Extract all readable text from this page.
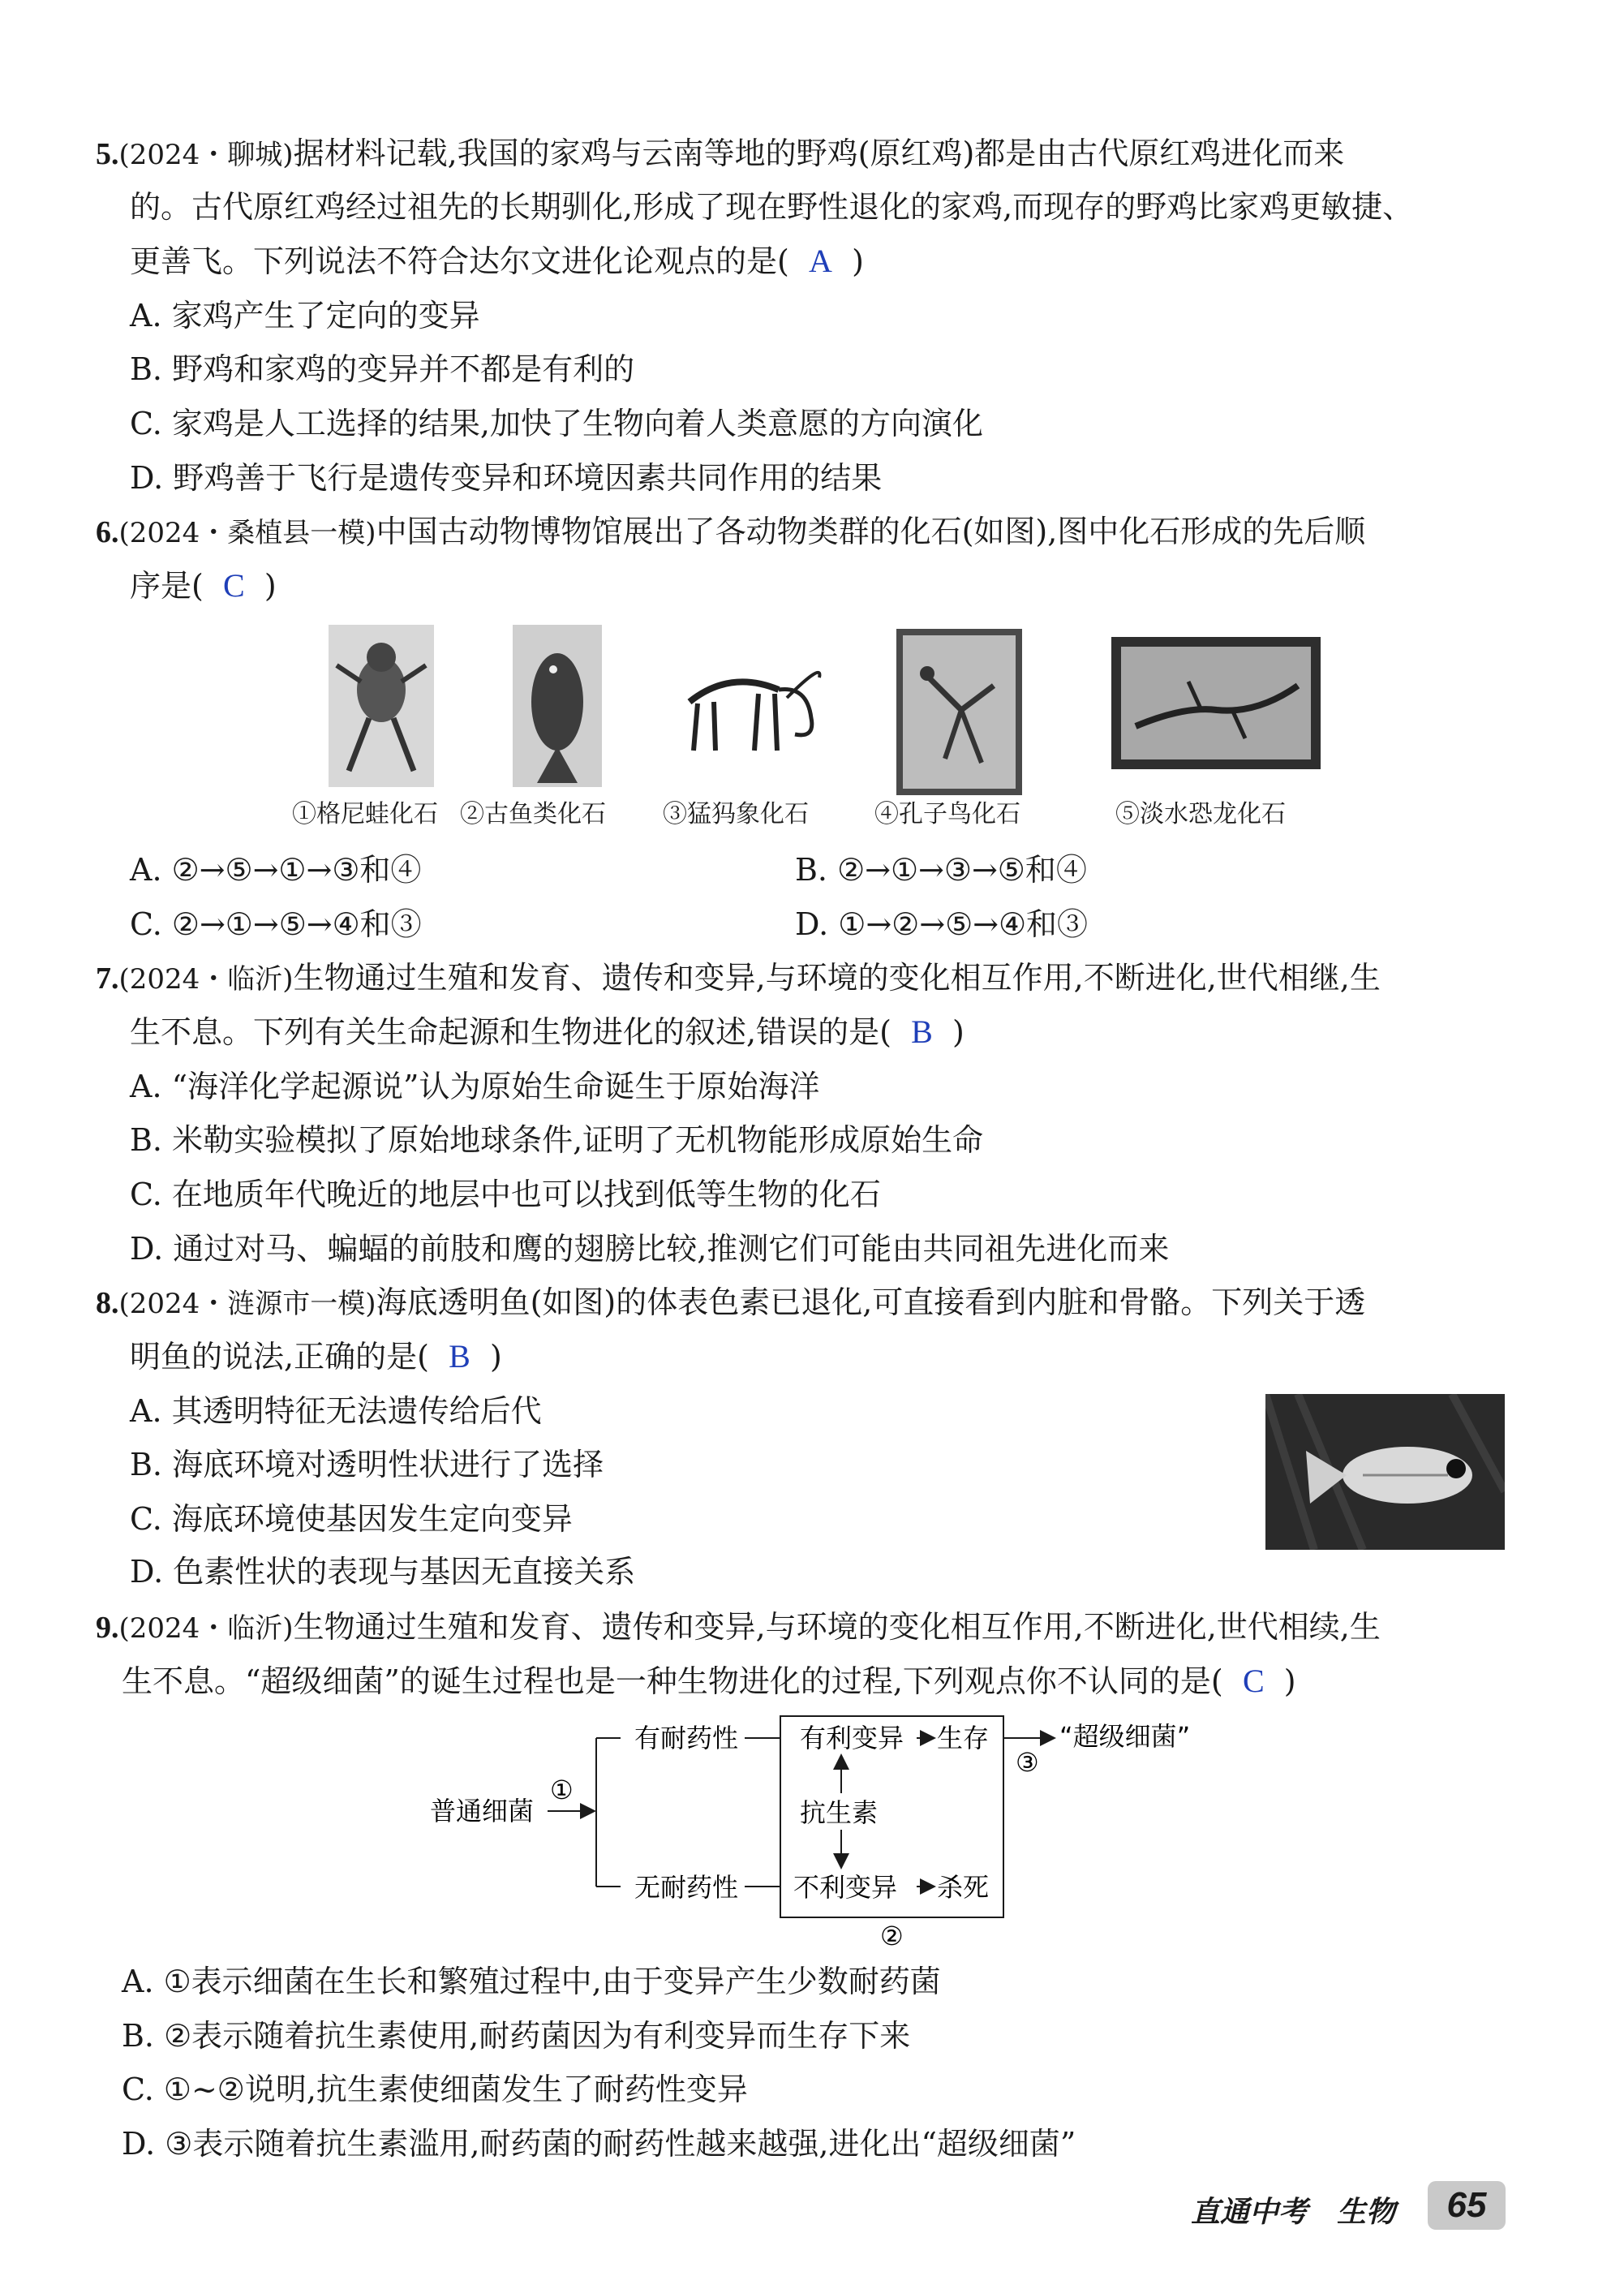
5.(2024・聊城)据材料记载,我国的家鸡与云南等地的野鸡(原红鸡)都是由古代原红鸡进化而来
的。古代原红鸡经过祖先的长期驯化,形成了现在野性退化的家鸡,而现存的野鸡比家鸡更敏捷、
更善飞。下列说法不符合达尔文进化论观点的是( A )
A. 家鸡产生了定向的变异
B. 野鸡和家鸡的变异并不都是有利的
C. 家鸡是人工选择的结果,加快了生物向着人类意愿的方向演化
D. 野鸡善于飞行是遗传变异和环境因素共同作用的结果
6.(2024・桑植县一模)中国古动物博物馆展出了各动物类群的化石(如图),图中化石形成的先后顺
序是( C )
①格尼蛙化石 ②古鱼类化石 ③猛犸象化石	④孔子鸟化石	⑤淡水恐龙化石
A. ②→⑤→①→③和④	B. ②→①→③→⑤和④
C. ②→①→⑤→④和③	D. ①→②→⑤→④和③
7.(2024・临沂)生物通过生殖和发育、遗传和变异,与环境的变化相互作用,不断进化,世代相继,生
生不息。下列有关生命起源和生物进化的叙述,错误的是( B )
A. “海洋化学起源说”认为原始生命诞生于原始海洋
B. 米勒实验模拟了原始地球条件,证明了无机物能形成原始生命
C. 在地质年代晚近的地层中也可以找到低等生物的化石
D. 通过对马、蝙蝠的前肢和鹰的翅膀比较,推测它们可能由共同祖先进化而来
8.(2024・涟源市一模)海底透明鱼(如图)的体表色素已退化,可直接看到内脏和骨骼。下列关于透
明鱼的说法,正确的是( B )
A. 其透明特征无法遗传给后代
B. 海底环境对透明性状进行了选择
C. 海底环境使基因发生定向变异
D. 色素性状的表现与基因无直接关系
9.(2024・临沂)生物通过生殖和发育、遗传和变异,与环境的变化相互作用,不断进化,世代相续,生
生不息。“超级细菌”的诞生过程也是一种生物进化的过程,下列观点你不认同的是( C )
普通细菌
①
有耐药性
无耐药性
有利变异 生存
抗生素
不利变异 杀死
②
③
“超级细菌”
A. ①表示细菌在生长和繁殖过程中,由于变异产生少数耐药菌
B. ②表示随着抗生素使用,耐药菌因为有利变异而生存下来
C. ①~②说明,抗生素使细菌发生了耐药性变异
D. ③表示随着抗生素滥用,耐药菌的耐药性越来越强,进化出“超级细菌”
直通中考 生物	65
